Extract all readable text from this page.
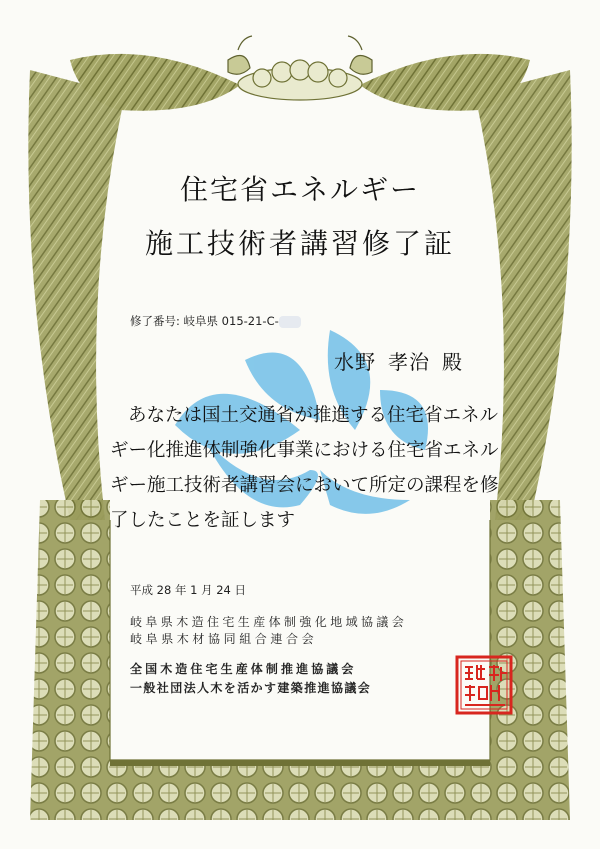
住宅省エネルギー
施工技術者講習修了証
修了番号: 岐阜県 015-21-C-
水野 孝治 殿
あなたは国土交通省が推進する住宅省エネルギー化推進体制強化事業における住宅省エネルギー施工技術者講習会において所定の課程を修了したことを証します
平成 28 年 1 月 24 日
岐阜県木造住宅生産体制強化地域協議会
岐阜県木材協同組合連合会
全国木造住宅生産体制推進協議会
一般社団法人木を活かす建築推進協議会
